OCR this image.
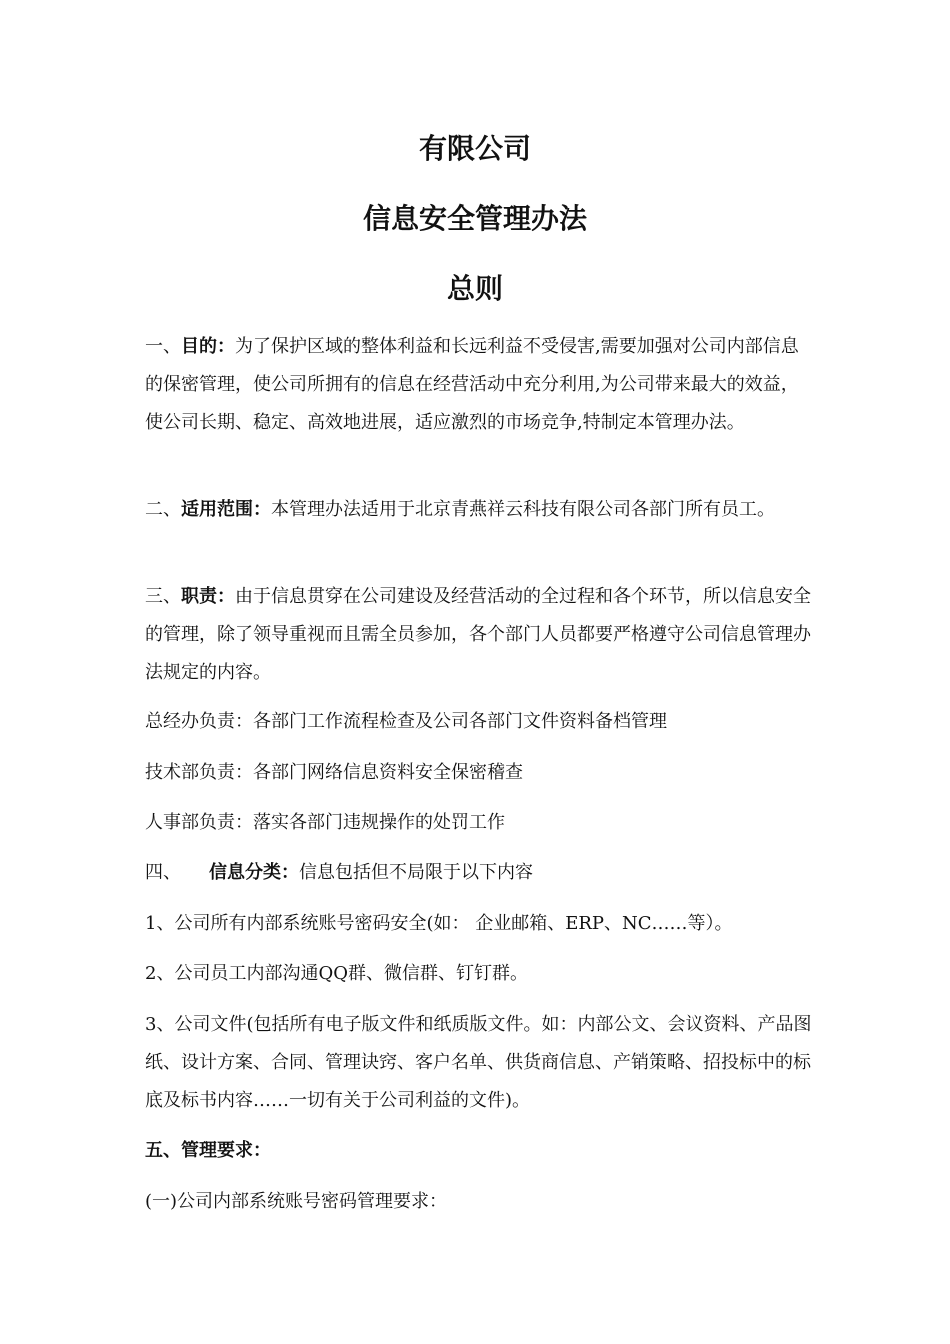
有限公司
信息安全管理办法
总则

一、目的：为了保护区域的整体利益和长远利益不受侵害,需要加强对公司内部信息的保密管理，使公司所拥有的信息在经营活动中充分利用,为公司带来最大的效益，使公司长期、稳定、高效地进展，适应激烈的市场竞争,特制定本管理办法。

二、适用范围：本管理办法适用于北京青燕祥云科技有限公司各部门所有员工。

三、职责：由于信息贯穿在公司建设及经营活动的全过程和各个环节，所以信息安全的管理，除了领导重视而且需全员参加，各个部门人员都要严格遵守公司信息管理办法规定的内容。

总经办负责：各部门工作流程检查及公司各部门文件资料备档管理

技术部负责：各部门网络信息资料安全保密稽查

人事部负责：落实各部门违规操作的处罚工作

四、 信息分类：信息包括但不局限于以下内容

1、公司所有内部系统账号密码安全(如： 企业邮箱、ERP、NC……等）。

2、公司员工内部沟通QQ群、微信群、钉钉群。

3、公司文件(包括所有电子版文件和纸质版文件。如：内部公文、会议资料、产品图纸、设计方案、合同、管理诀窍、客户名单、供货商信息、产销策略、招投标中的标底及标书内容……一切有关于公司利益的文件)。

五、管理要求：

(一)公司内部系统账号密码管理要求：
